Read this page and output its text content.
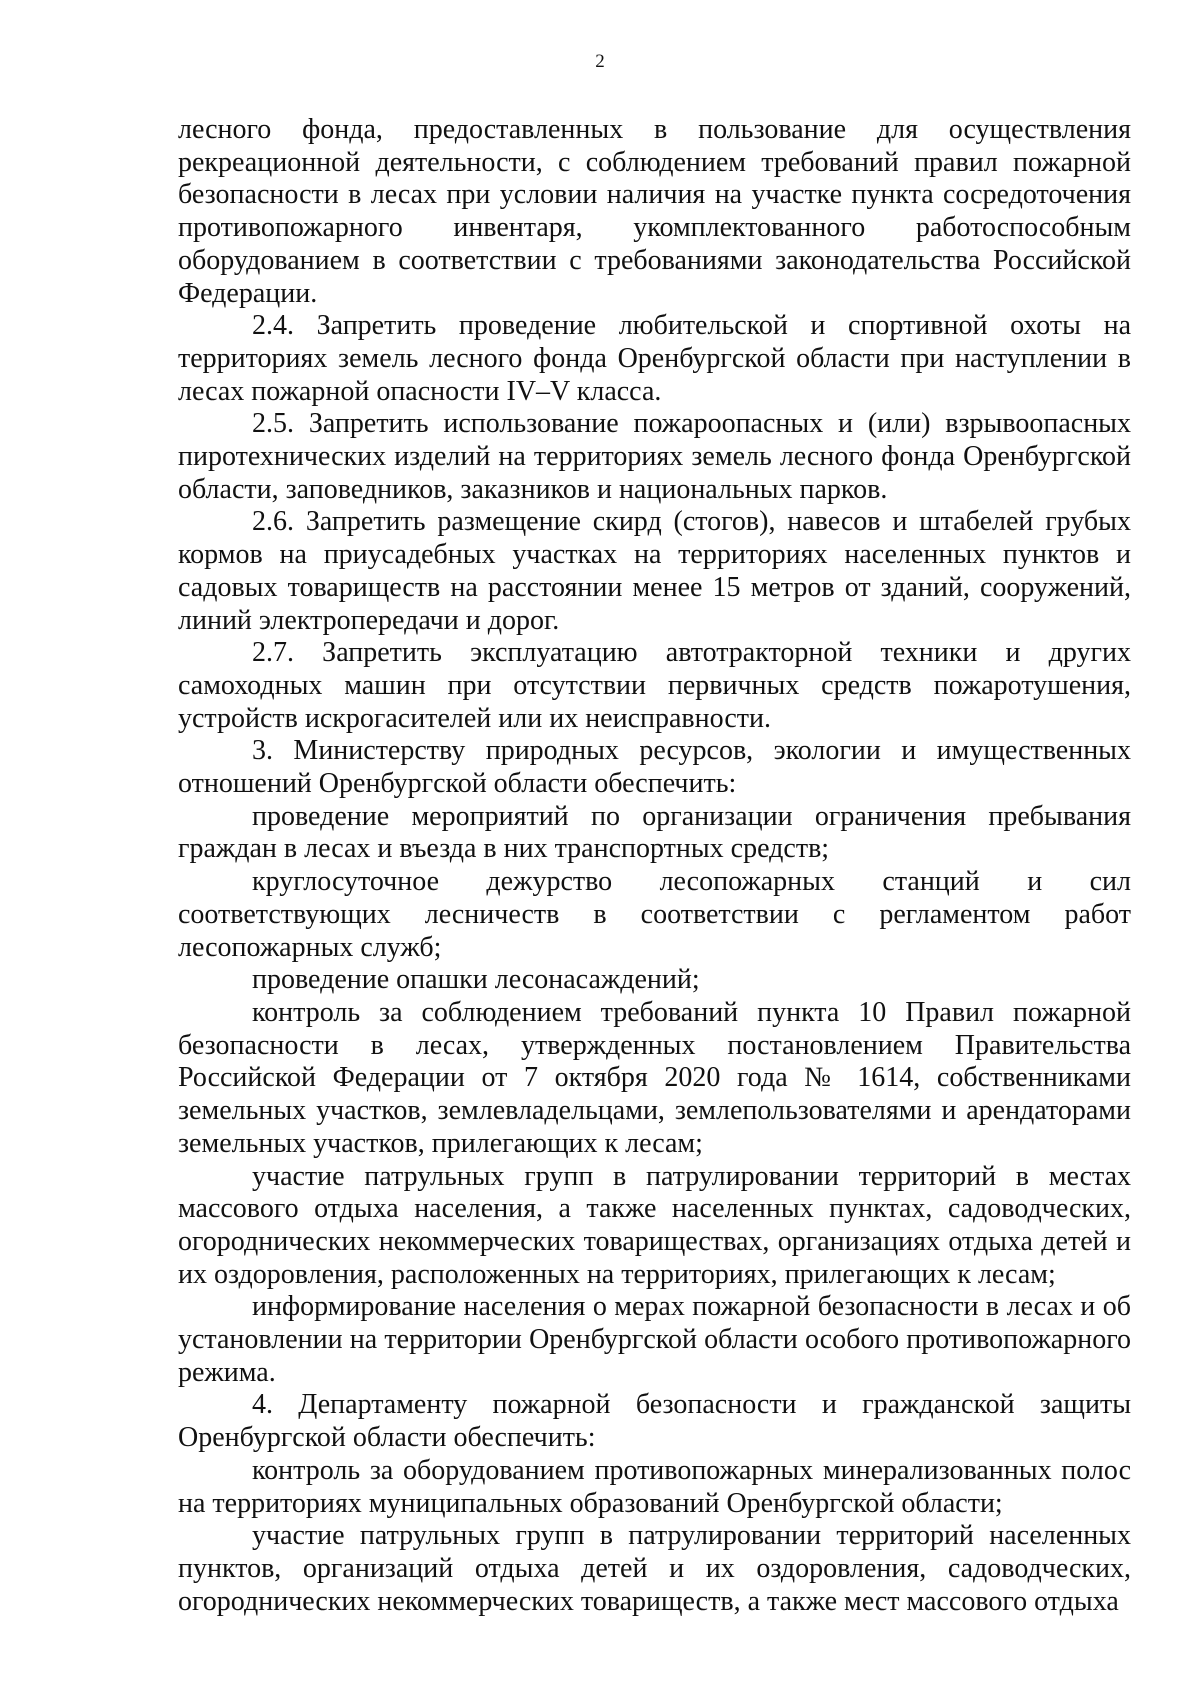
2

лесного фонда, предоставленных в пользование для осуществления рекреационной деятельности, с соблюдением требований правил пожарной безопасности в лесах при условии наличия на участке пункта сосредоточения противопожарного инвентаря, укомплектованного работоспособным оборудованием в соответствии с требованиями законодательства Российской Федерации.

2.4. Запретить проведение любительской и спортивной охоты на территориях земель лесного фонда Оренбургской области при наступлении в лесах пожарной опасности IV–V класса.

2.5. Запретить использование пожароопасных и (или) взрывоопасных пиротехнических изделий на территориях земель лесного фонда Оренбургской области, заповедников, заказников и национальных парков.

2.6. Запретить размещение скирд (стогов), навесов и штабелей грубых кормов на приусадебных участках на территориях населенных пунктов и садовых товариществ на расстоянии менее 15 метров от зданий, сооружений, линий электропередачи и дорог.

2.7. Запретить эксплуатацию автотракторной техники и других самоходных машин при отсутствии первичных средств пожаротушения, устройств искрогасителей или их неисправности.

3. Министерству природных ресурсов, экологии и имущественных отношений Оренбургской области обеспечить:

проведение мероприятий по организации ограничения пребывания граждан в лесах и въезда в них транспортных средств;

круглосуточное дежурство лесопожарных станций и сил соответствующих лесничеств в соответствии с регламентом работ лесопожарных служб;

проведение опашки лесонасаждений;

контроль за соблюдением требований пункта 10 Правил пожарной безопасности в лесах, утвержденных постановлением Правительства Российской Федерации от 7 октября 2020 года № 1614, собственниками земельных участков, землевладельцами, землепользователями и арендаторами земельных участков, прилегающих к лесам;

участие патрульных групп в патрулировании территорий в местах массового отдыха населения, а также населенных пунктах, садоводческих, огороднических некоммерческих товариществах, организациях отдыха детей и их оздоровления, расположенных на территориях, прилегающих к лесам;

информирование населения о мерах пожарной безопасности в лесах и об установлении на территории Оренбургской области особого противопожарного режима.

4. Департаменту пожарной безопасности и гражданской защиты Оренбургской области обеспечить:

контроль за оборудованием противопожарных минерализованных полос на территориях муниципальных образований Оренбургской области;

участие патрульных групп в патрулировании территорий населенных пунктов, организаций отдыха детей и их оздоровления, садоводческих, огороднических некоммерческих товариществ, а также мест массового отдыха
